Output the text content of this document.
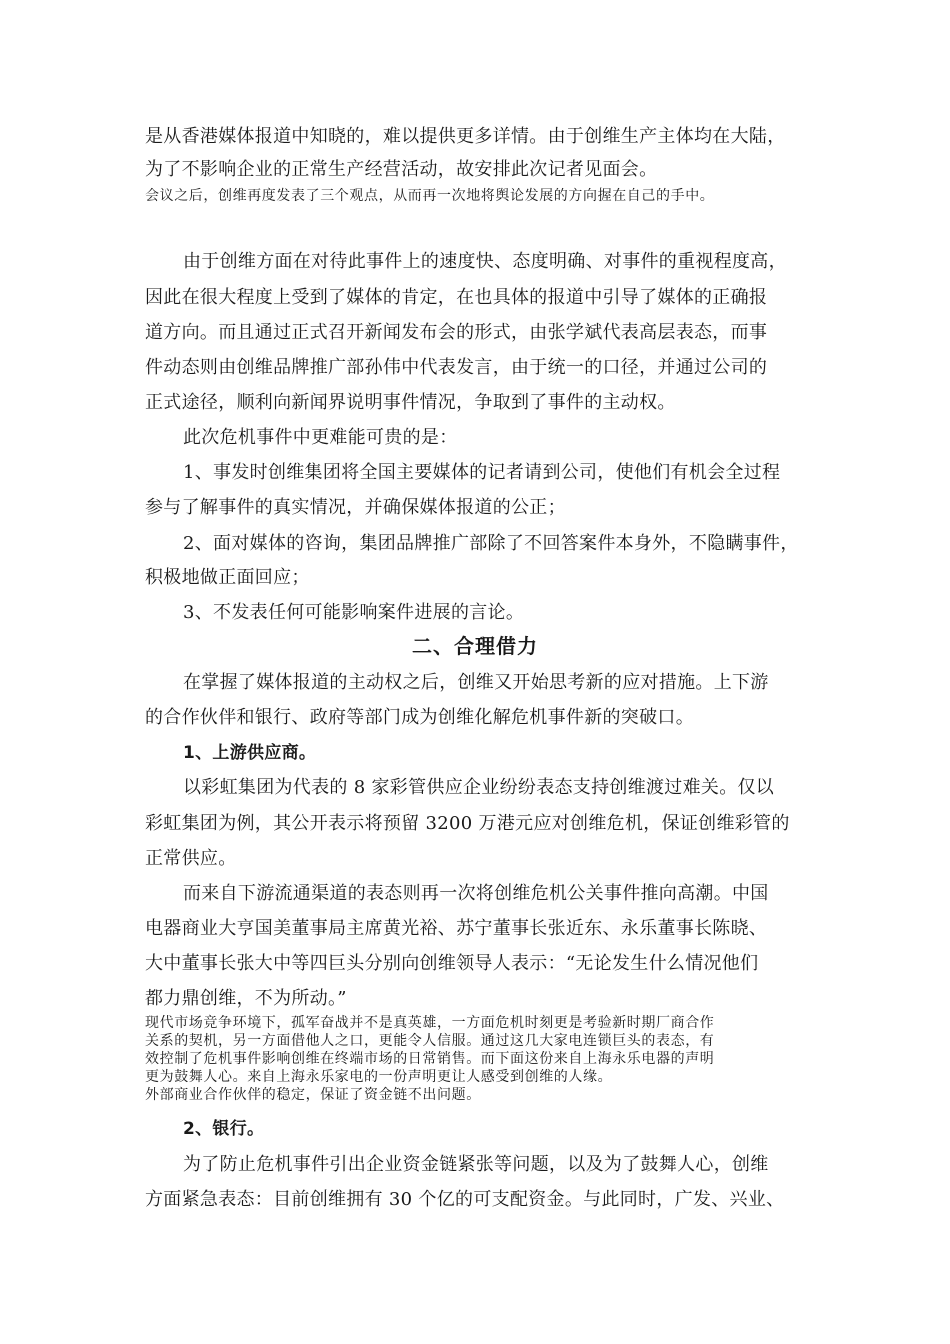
是从香港媒体报道中知晓的，难以提供更多详情。由于创维生产主体均在大陆，
为了不影响企业的正常生产经营活动，故安排此次记者见面会。
会议之后，创维再度发表了三个观点，从而再一次地将舆论发展的方向握在自己的手中。
由于创维方面在对待此事件上的速度快、态度明确、对事件的重视程度高，
因此在很大程度上受到了媒体的肯定，在也具体的报道中引导了媒体的正确报
道方向。而且通过正式召开新闻发布会的形式，由张学斌代表高层表态，而事
件动态则由创维品牌推广部孙伟中代表发言，由于统一的口径，并通过公司的
正式途径，顺利向新闻界说明事件情况，争取到了事件的主动权。
此次危机事件中更难能可贵的是：
1、事发时创维集团将全国主要媒体的记者请到公司，使他们有机会全过程
参与了解事件的真实情况，并确保媒体报道的公正；
2、面对媒体的咨询，集团品牌推广部除了不回答案件本身外，不隐瞒事件，
积极地做正面回应；
3、不发表任何可能影响案件进展的言论。
二、合理借力
在掌握了媒体报道的主动权之后，创维又开始思考新的应对措施。上下游
的合作伙伴和银行、政府等部门成为创维化解危机事件新的突破口。
1、上游供应商。
以彩虹集团为代表的 8 家彩管供应企业纷纷表态支持创维渡过难关。仅以
彩虹集团为例，其公开表示将预留 3200 万港元应对创维危机，保证创维彩管的
正常供应。
而来自下游流通渠道的表态则再一次将创维危机公关事件推向高潮。中国
电器商业大亨国美董事局主席黄光裕、苏宁董事长张近东、永乐董事长陈晓、
大中董事长张大中等四巨头分别向创维领导人表示：“无论发生什么情况他们
都力鼎创维，不为所动。”
现代市场竞争环境下，孤军奋战并不是真英雄，一方面危机时刻更是考验新时期厂商合作
关系的契机，另一方面借他人之口，更能令人信服。通过这几大家电连锁巨头的表态，有
效控制了危机事件影响创维在终端市场的日常销售。而下面这份来自上海永乐电器的声明
更为鼓舞人心。来自上海永乐家电的一份声明更让人感受到创维的人缘。
外部商业合作伙伴的稳定，保证了资金链不出问题。
2、银行。
为了防止危机事件引出企业资金链紧张等问题，以及为了鼓舞人心，创维
方面紧急表态：目前创维拥有 30 个亿的可支配资金。与此同时，广发、兴业、
